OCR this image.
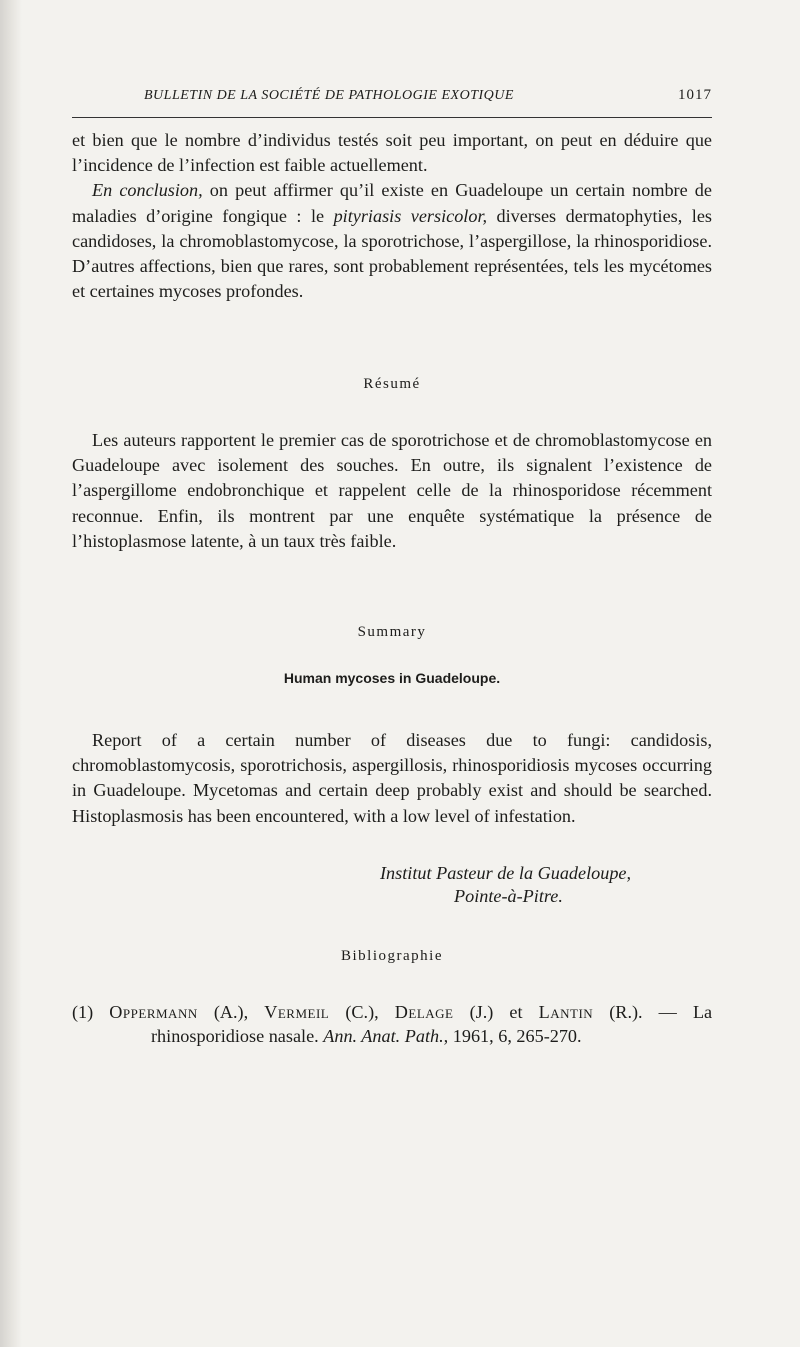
BULLETIN DE LA SOCIÉTÉ DE PATHOLOGIE EXOTIQUE	1017

et bien que le nombre d’individus testés soit peu important, on peut en déduire que l’incidence de l’infection est faible actuellement.

En conclusion, on peut affirmer qu’il existe en Guadeloupe un certain nombre de maladies d’origine fongique : le pityriasis versicolor, diverses dermatophyties, les candidoses, la chromoblastomycose, la sporotrichose, l’aspergillose, la rhinosporidiose. D’autres affections, bien que rares, sont probablement représentées, tels les mycétomes et certaines mycoses profondes.

Résumé

Les auteurs rapportent le premier cas de sporotrichose et de chromoblastomycose en Guadeloupe avec isolement des souches. En outre, ils signalent l’existence de l’aspergillome endobronchique et rappelent celle de la rhinosporidose récemment reconnue. Enfin, ils montrent par une enquête systématique la présence de l’histoplasmose latente, à un taux très faible.

Summary
Human mycoses in Guadeloupe.

Report of a certain number of diseases due to fungi: candidosis, chromoblastomycosis, sporotrichosis, aspergillosis, rhinosporidiosis mycoses occurring in Guadeloupe. Mycetomas and certain deep probably exist and should be searched. Histoplasmosis has been encountered, with a low level of infestation.

Institut Pasteur de la Guadeloupe,
Pointe-à-Pitre.
Bibliographie
(1) Oppermann (A.), Vermeil (C.), Delage (J.) et Lantin (R.). — La
rhinosporidiose nasale. Ann. Anat. Path., 1961, 6, 265-270.
